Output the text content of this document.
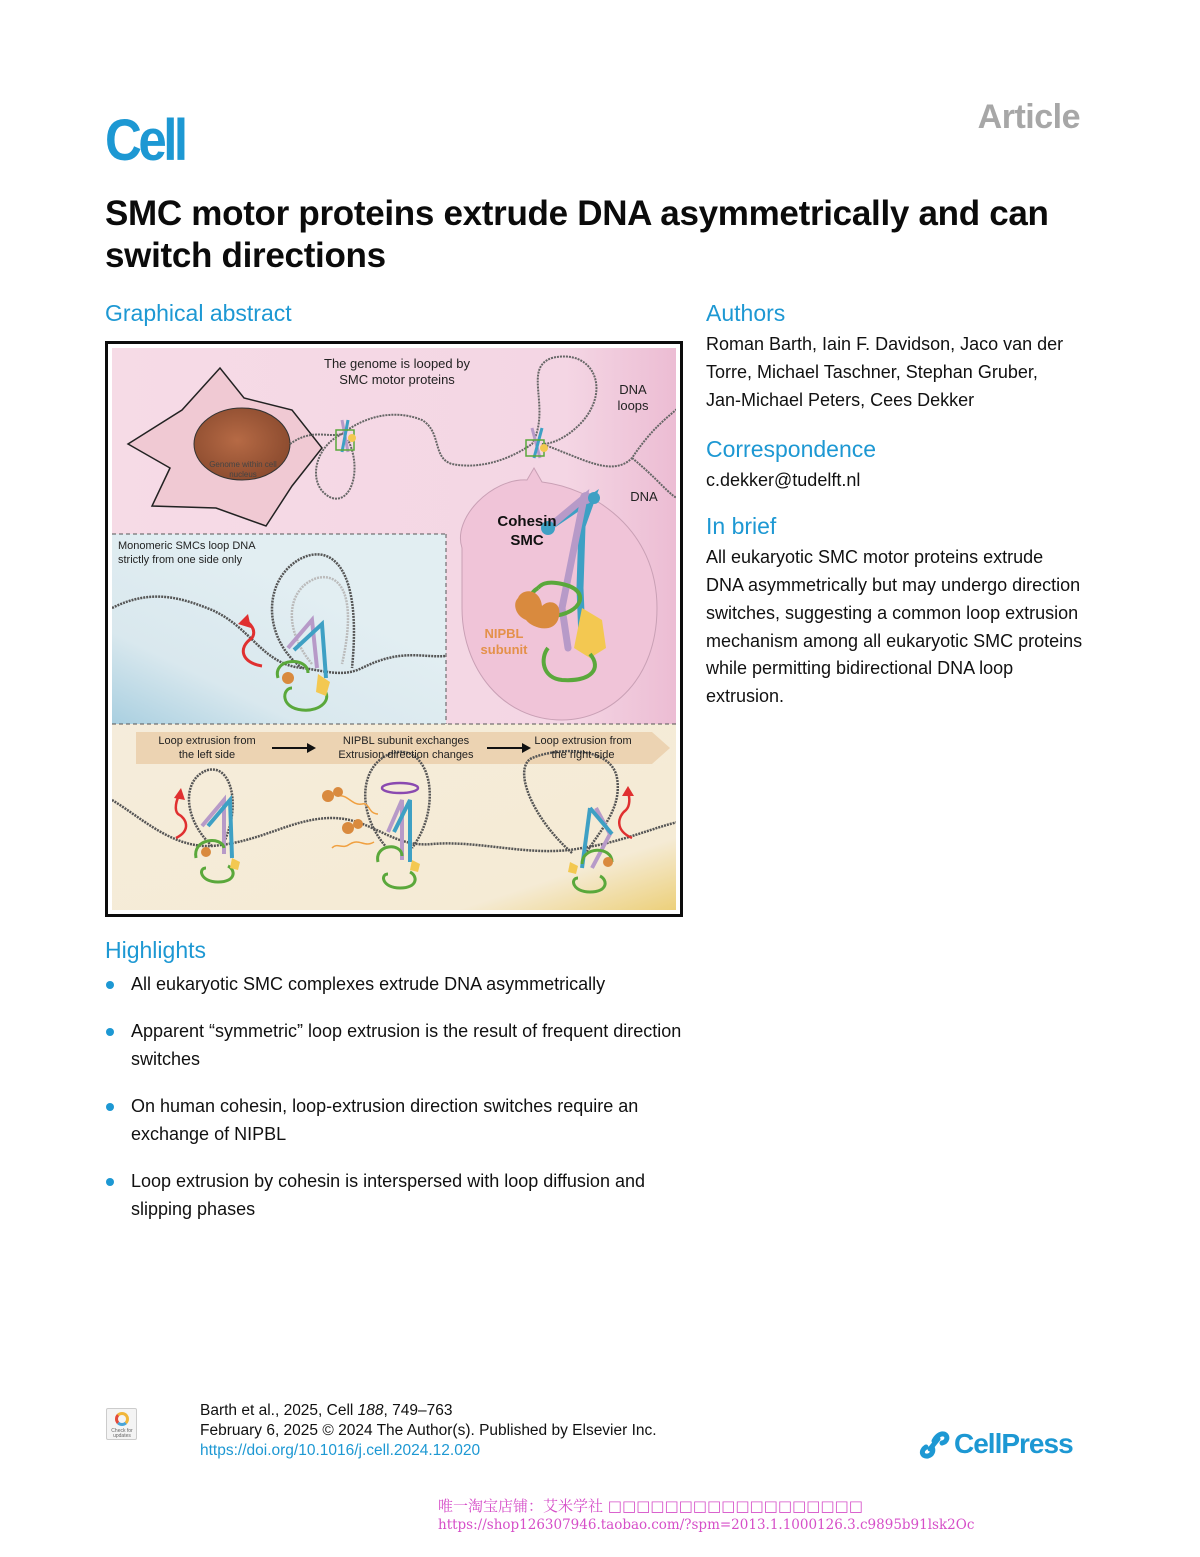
Cell	Article
SMC motor proteins extrude DNA asymmetrically and can switch directions
Graphical abstract
The genome is looped by SMC motor proteins
DNA loops
DNA
Genome within cell nucleus
Cohesin SMC
NIPBL subunit
Monomeric SMCs loop DNA strictly from one side only
Loop extrusion from the left side
NIPBL subunit exchanges Extrusion direction changes
Loop extrusion from the right side
Authors

Roman Barth, Iain F. Davidson, Jaco van der Torre, Michael Taschner, Stephan Gruber, Jan-Michael Peters, Cees Dekker

Correspondence
c.dekker@tudelft.nl
In brief

All eukaryotic SMC motor proteins extrude DNA asymmetrically but may undergo direction switches, suggesting a common loop extrusion mechanism among all eukaryotic SMC proteins while permitting bidirectional DNA loop extrusion.

Highlights
All eukaryotic SMC complexes extrude DNA asymmetrically
Apparent “symmetric” loop extrusion is the result of frequent direction switches
On human cohesin, loop-extrusion direction switches require an exchange of NIPBL
Loop extrusion by cohesin is interspersed with loop diffusion and slipping phases
Check for updates
Barth et al., 2025, Cell 188, 749–763
February 6, 2025 © 2024 The Author(s). Published by Elsevier Inc.
https://doi.org/10.1016/j.cell.2024.12.020	CellPress
唯一淘宝店铺：艾米学社 □□□□□□□□□□□□□□□□□□
https://shop126307946.taobao.com/?spm=2013.1.1000126.3.c9895b91lsk2Oc
